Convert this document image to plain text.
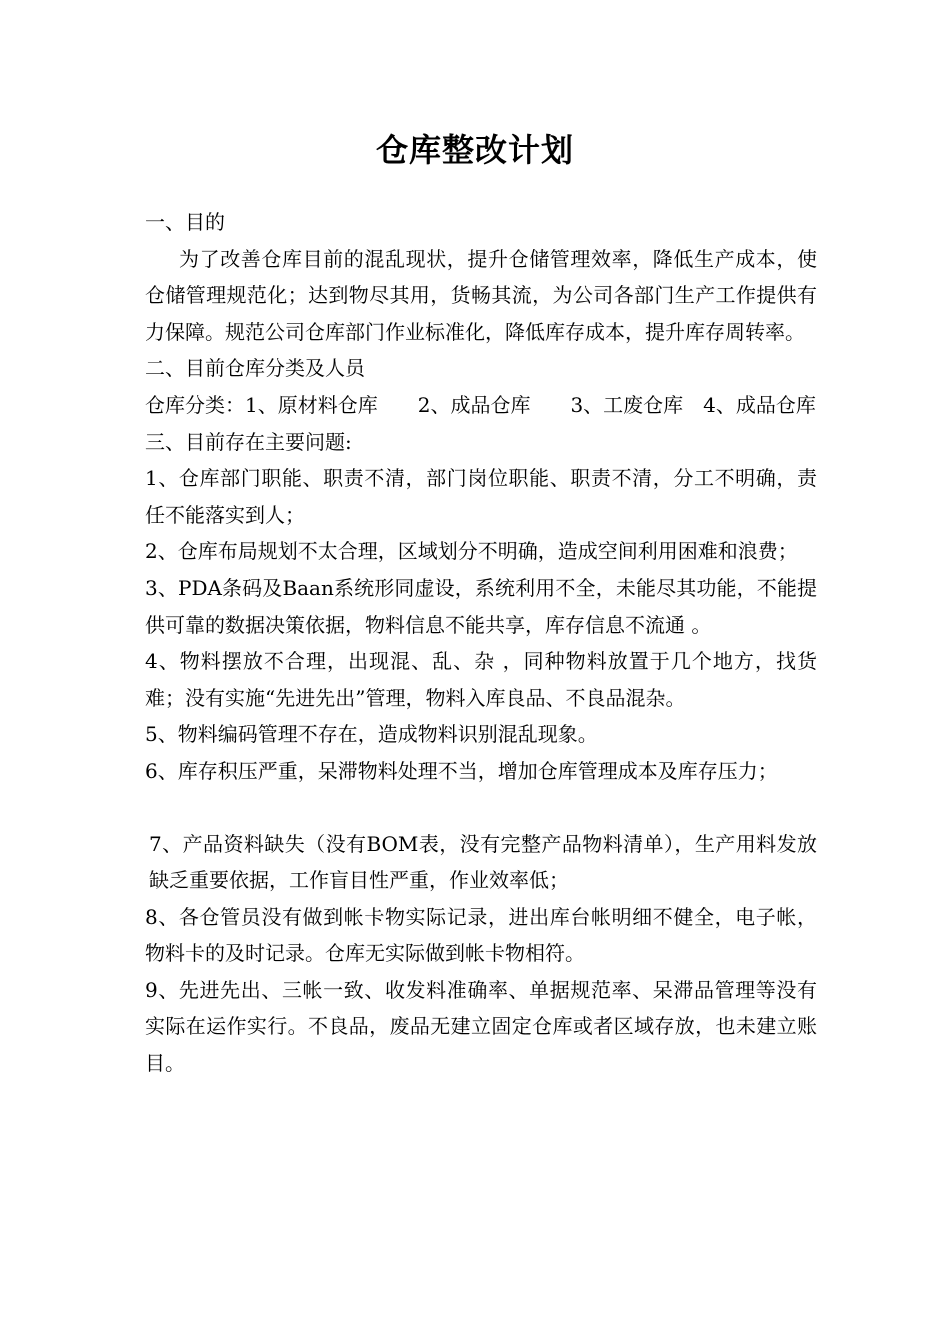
仓库整改计划

一、目的

为了改善仓库目前的混乱现状，提升仓储管理效率，降低生产成本，使仓储管理规范化；达到物尽其用，货畅其流，为公司各部门生产工作提供有力保障。规范公司仓库部门作业标准化，降低库存成本，提升库存周转率。

二、目前仓库分类及人员

仓库分类：1、原材料仓库　　2、成品仓库　　3、工废仓库　4、成品仓库

三、目前存在主要问题:

1、仓库部门职能、职责不清，部门岗位职能、职责不清，分工不明确，责任不能落实到人；

2、仓库布局规划不太合理，区域划分不明确，造成空间利用困难和浪费；

3、PDA条码及Baan系统形同虚设，系统利用不全，未能尽其功能，不能提供可靠的数据决策依据，物料信息不能共享，库存信息不流通 。

4、物料摆放不合理，出现混、乱、杂 ，同种物料放置于几个地方，找货难；没有实施“先进先出”管理，物料入库良品、不良品混杂。

5、物料编码管理不存在，造成物料识别混乱现象。

6、库存积压严重，呆滞物料处理不当，增加仓库管理成本及库存压力；

7、产品资料缺失（没有BOM表，没有完整产品物料清单），生产用料发放缺乏重要依据，工作盲目性严重，作业效率低；

8、各仓管员没有做到帐卡物实际记录，进出库台帐明细不健全，电子帐，物料卡的及时记录。仓库无实际做到帐卡物相符。

9、先进先出、三帐一致、收发料准确率、单据规范率、呆滞品管理等没有实际在运作实行。不良品，废品无建立固定仓库或者区域存放，也未建立账目。
